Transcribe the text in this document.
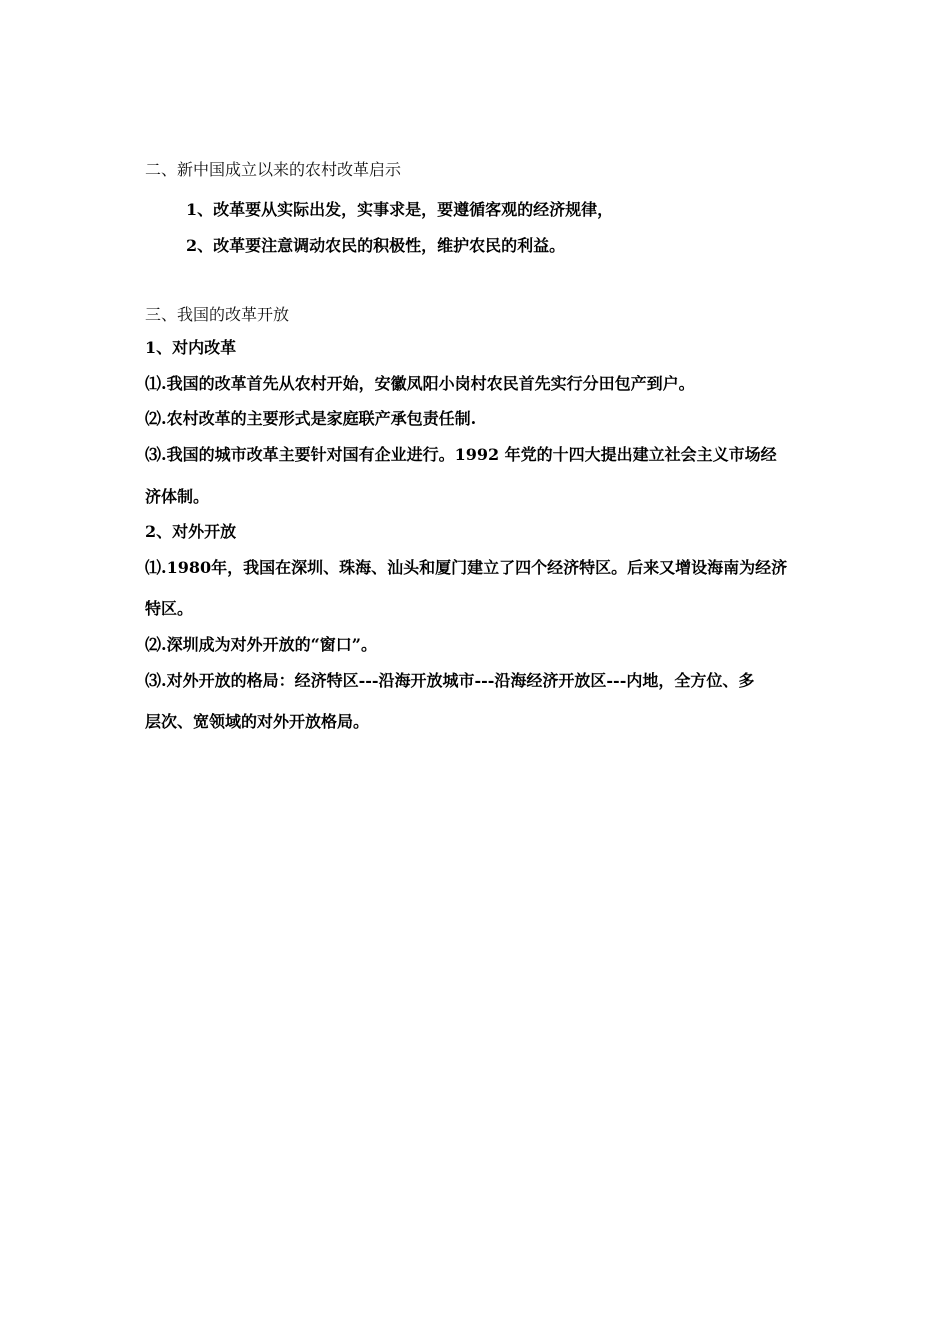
二、新中国成立以来的农村改革启示
1、改革要从实际出发，实事求是，要遵循客观的经济规律，
2、改革要注意调动农民的积极性，维护农民的利益。
三、我国的改革开放
1、对内改革
⑴.我国的改革首先从农村开始，安徽凤阳小岗村农民首先实行分田包产到户。
⑵.农村改革的主要形式是家庭联产承包责任制.
⑶.我国的城市改革主要针对国有企业进行。1992 年党的十四大提出建立社会主义市场经
济体制。
2、对外开放
⑴.1980年，我国在深圳、珠海、汕头和厦门建立了四个经济特区。后来又增设海南为经济
特区。
⑵.深圳成为对外开放的“窗口”。
⑶.对外开放的格局：经济特区---沿海开放城市---沿海经济开放区---内地，全方位、多
层次、宽领域的对外开放格局。
